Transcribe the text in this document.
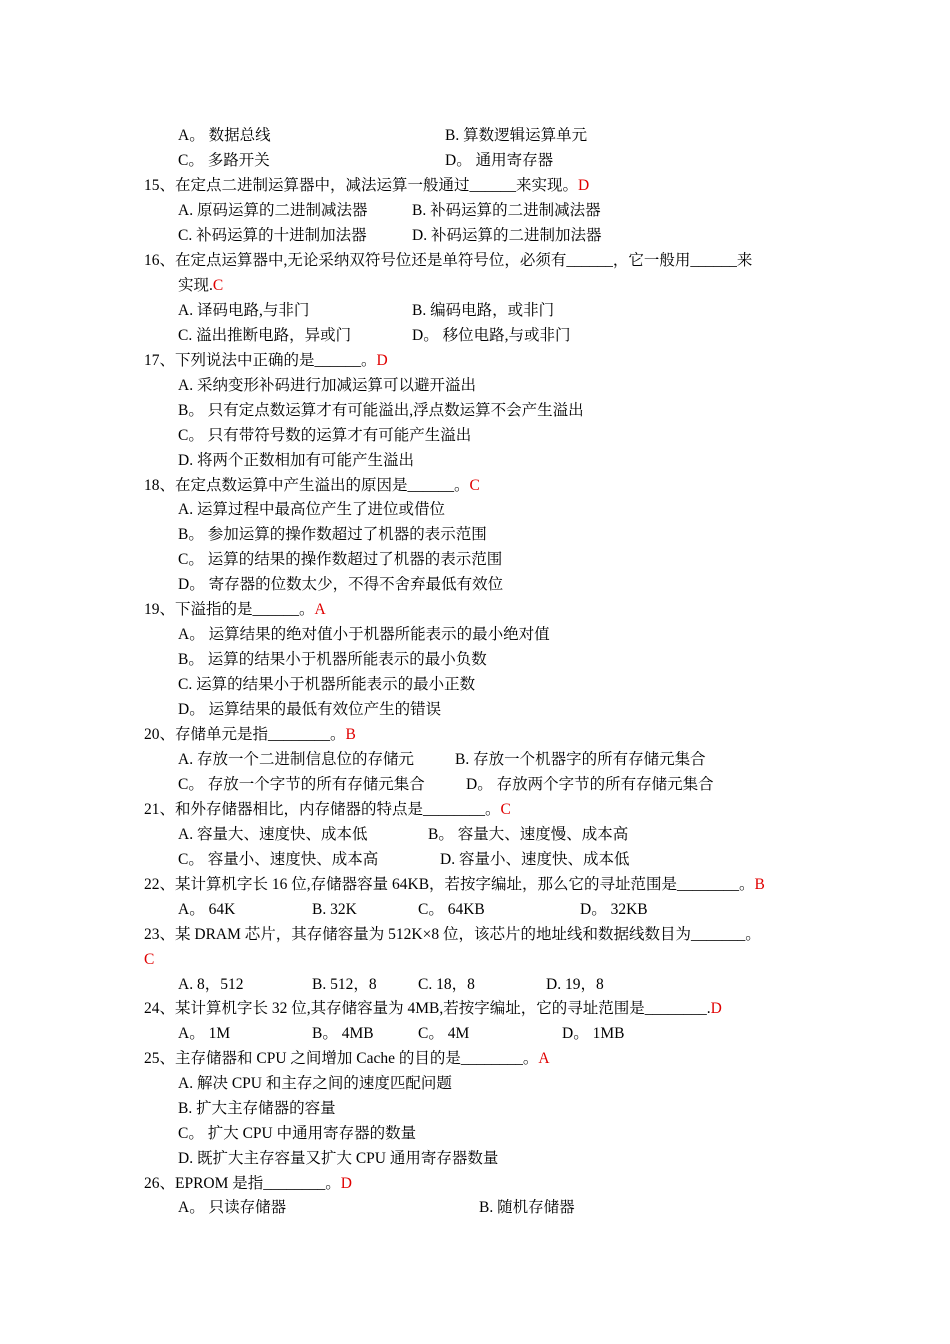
A。 数据总线	B. 算数逻辑运算单元
C。 多路开关	D。 通用寄存器
15、在定点二进制运算器中，减法运算一般通过______来实现。D
A. 原码运算的二进制减法器	B. 补码运算的二进制减法器
C. 补码运算的十进制加法器	D. 补码运算的二进制加法器
16、在定点运算器中,无论采纳双符号位还是单符号位，必须有______，它一般用______来
实现.C
A. 译码电路,与非门	B. 编码电路，或非门
C. 溢出推断电路，异或门	D。 移位电路,与或非门
17、下列说法中正确的是______。D
A. 采纳变形补码进行加减运算可以避开溢出
B。 只有定点数运算才有可能溢出,浮点数运算不会产生溢出
C。 只有带符号数的运算才有可能产生溢出
D. 将两个正数相加有可能产生溢出
18、在定点数运算中产生溢出的原因是______。C
A. 运算过程中最高位产生了进位或借位
B。 参加运算的操作数超过了机器的表示范围
C。 运算的结果的操作数超过了机器的表示范围
D。 寄存器的位数太少，不得不舍弃最低有效位
19、下溢指的是______。A
A。 运算结果的绝对值小于机器所能表示的最小绝对值
B。 运算的结果小于机器所能表示的最小负数
C. 运算的结果小于机器所能表示的最小正数
D。 运算结果的最低有效位产生的错误
20、存储单元是指________。B
A. 存放一个二进制信息位的存储元	B. 存放一个机器字的所有存储元集合
C。 存放一个字节的所有存储元集合	D。 存放两个字节的所有存储元集合
21、和外存储器相比，内存储器的特点是________。C
A. 容量大、速度快、成本低	B。 容量大、速度慢、成本高
C。 容量小、速度快、成本高	D. 容量小、速度快、成本低
22、某计算机字长 16 位,存储器容量 64KB，若按字编址，那么它的寻址范围是________。B
A。 64K	B. 32K	C。 64KB	D。 32KB
23、某 DRAM 芯片，其存储容量为 512K×8 位，该芯片的地址线和数据线数目为_______。
C
A. 8，512	B. 512，8	C. 18，8	D. 19，8
24、某计算机字长 32 位,其存储容量为 4MB,若按字编址，它的寻址范围是________.D
A。 1M	B。 4MB	C。 4M	D。 1MB
25、主存储器和 CPU 之间增加 Cache 的目的是________。A
A. 解决 CPU 和主存之间的速度匹配问题
B. 扩大主存储器的容量
C。 扩大 CPU 中通用寄存器的数量
D. 既扩大主存容量又扩大 CPU 通用寄存器数量
26、EPROM 是指________。D
A。 只读存储器	B. 随机存储器
